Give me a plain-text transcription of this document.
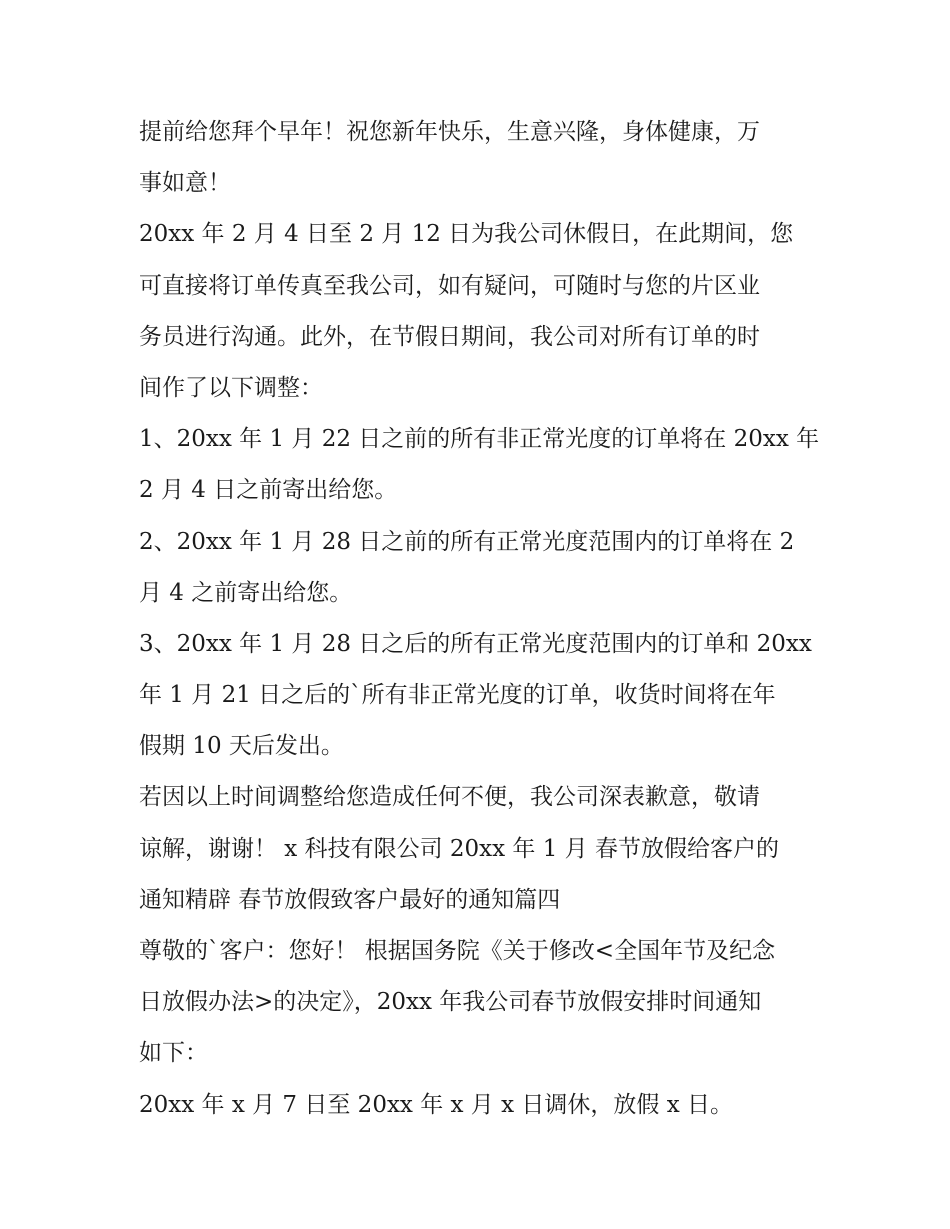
提前给您拜个早年！祝您新年快乐，生意兴隆，身体健康，万
事如意！
20xx 年 2 月 4 日至 2 月 12 日为我公司休假日，在此期间，您
可直接将订单传真至我公司，如有疑问，可随时与您的片区业
务员进行沟通。此外，在节假日期间，我公司对所有订单的时
间作了以下调整：
1、20xx 年 1 月 22 日之前的所有非正常光度的订单将在 20xx 年
2 月 4 日之前寄出给您。
2、20xx 年 1 月 28 日之前的所有正常光度范围内的订单将在 2
月 4 之前寄出给您。
3、20xx 年 1 月 28 日之后的所有正常光度范围内的订单和 20xx
年 1 月 21 日之后的`所有非正常光度的订单，收货时间将在年
假期 10 天后发出。
若因以上时间调整给您造成任何不便，我公司深表歉意，敬请
谅解，谢谢！ x 科技有限公司 20xx 年 1 月 春节放假给客户的
通知精辟 春节放假致客户最好的通知篇四
尊敬的`客户：您好！ 根据国务院《关于修改<全国年节及纪念
日放假办法>的决定》，20xx 年我公司春节放假安排时间通知
如下：
20xx 年 x 月 7 日至 20xx 年 x 月 x 日调休，放假 x 日。
